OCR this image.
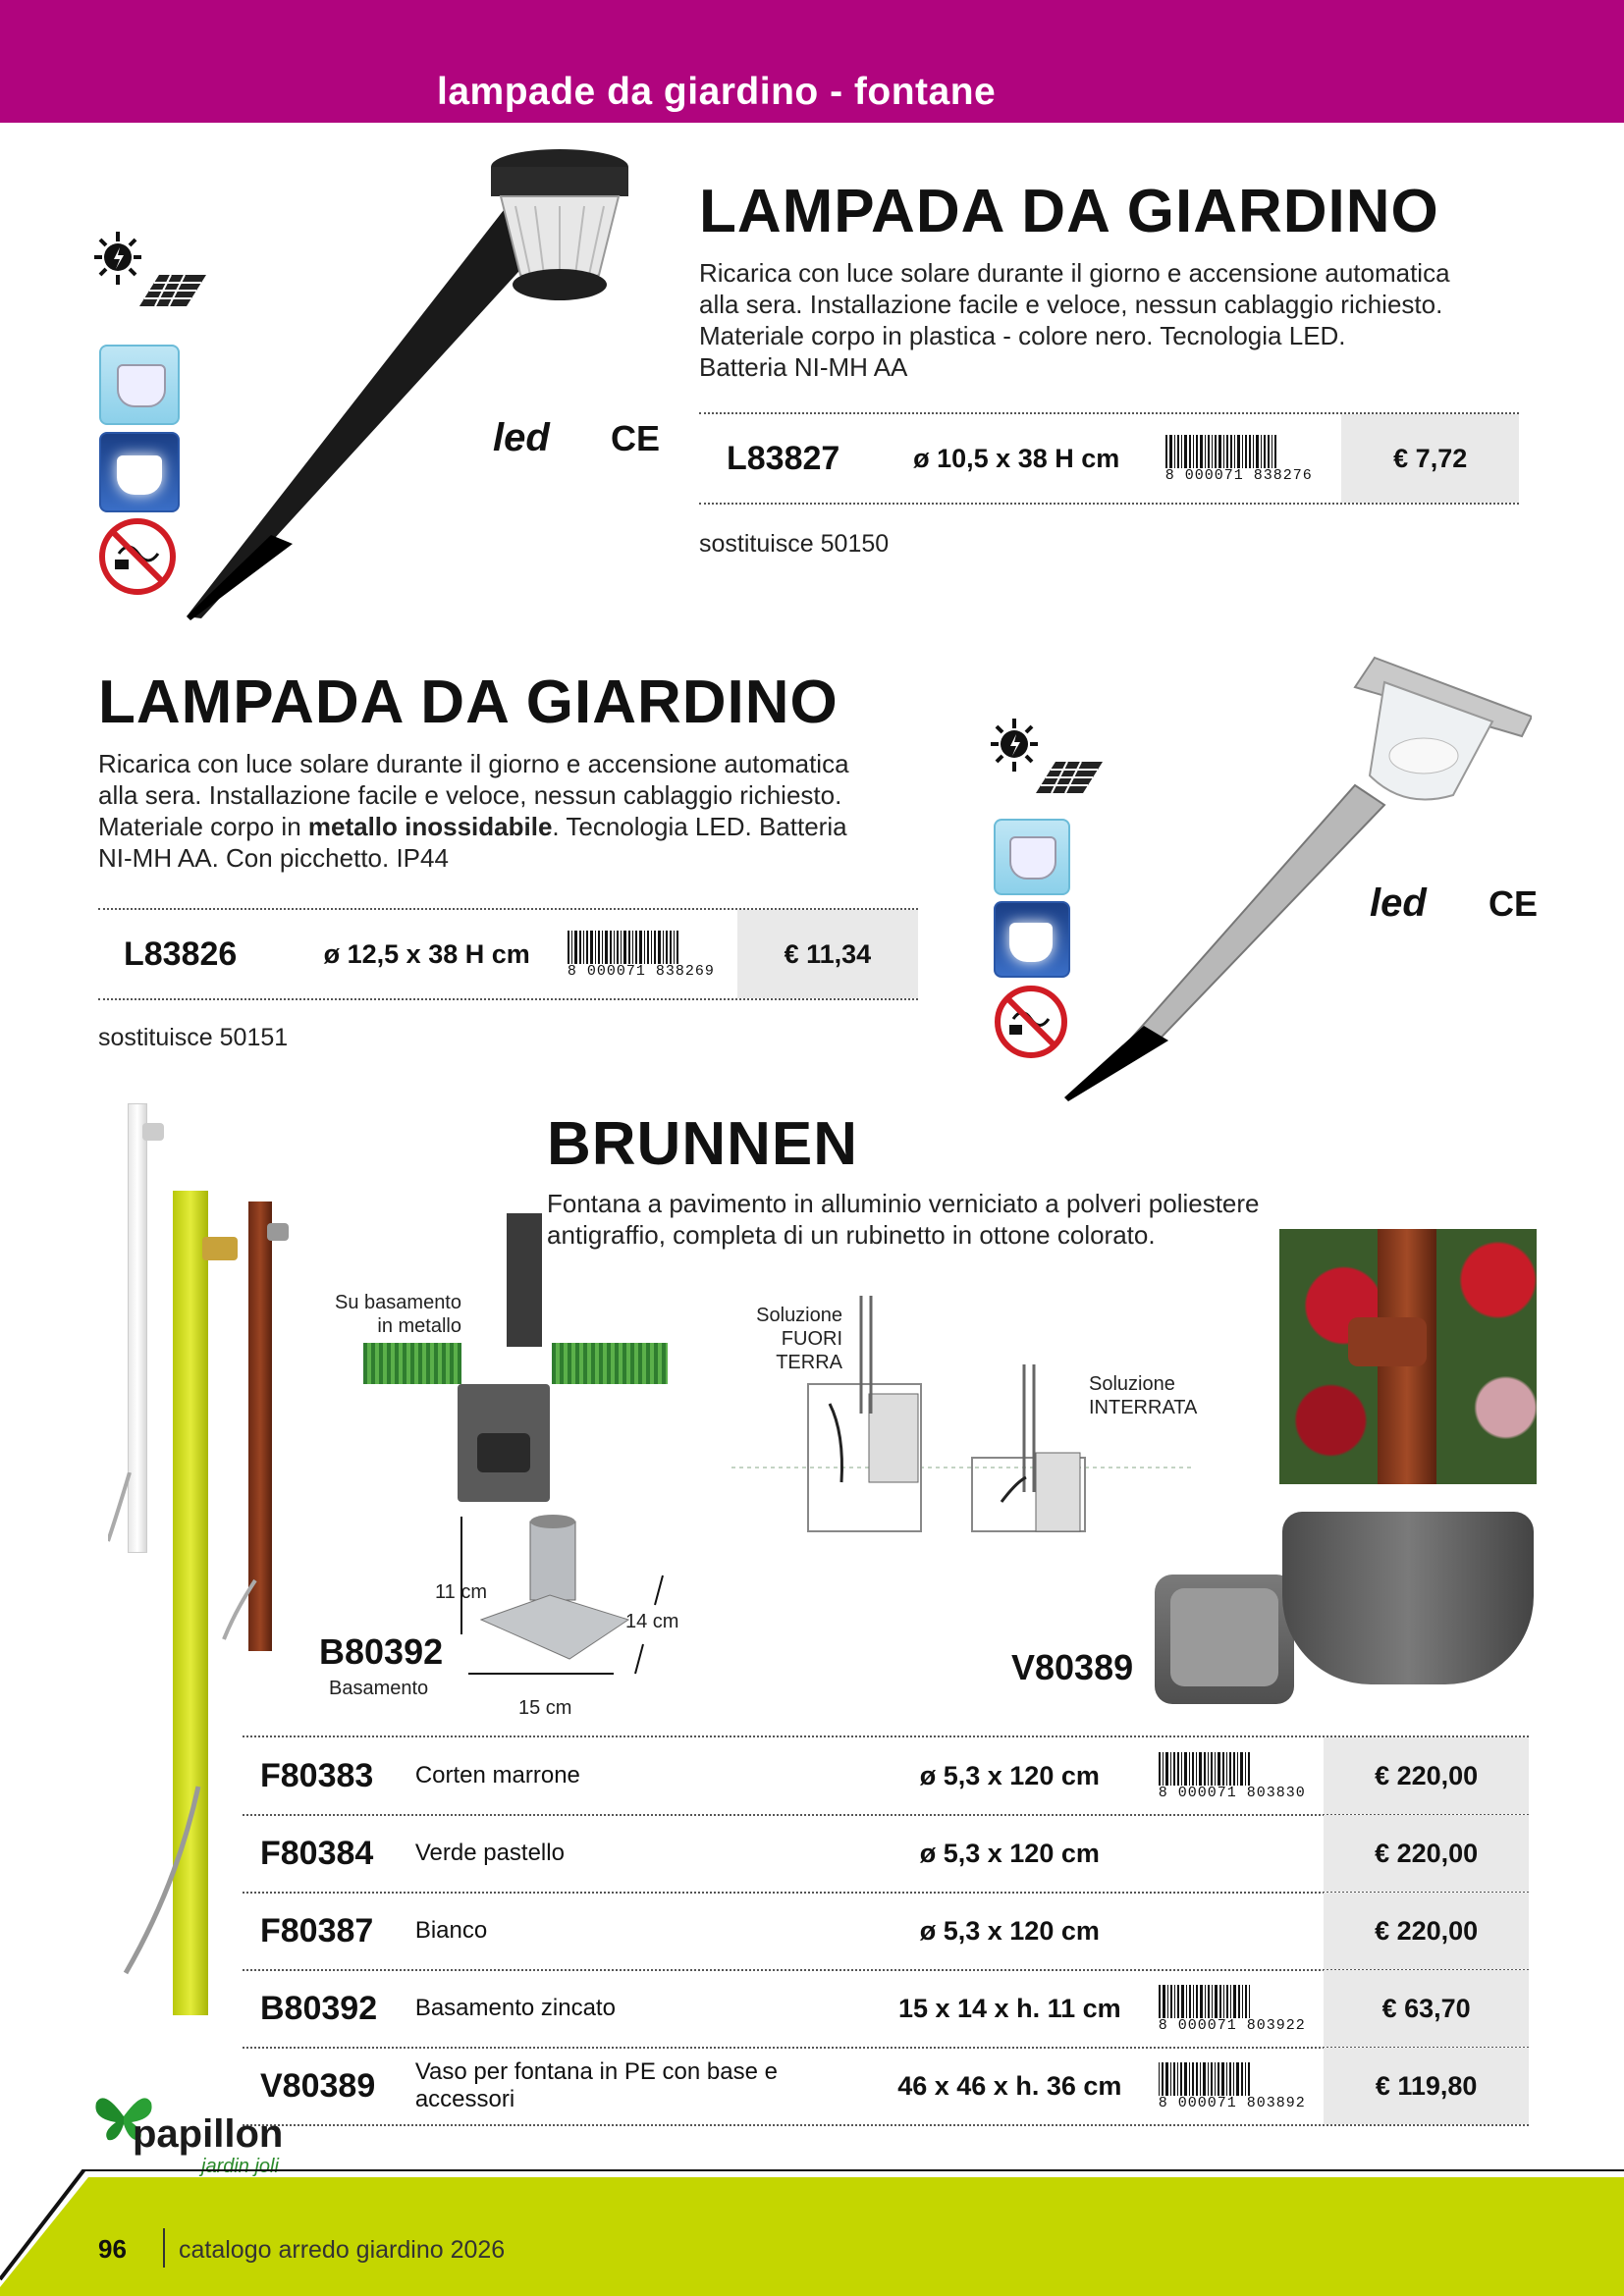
lampade da giardino - fontane
led CE
LAMPADA DA GIARDINO
Ricarica con luce solare durante il giorno e accensione automatica
alla sera. Installazione facile e veloce, nessun cablaggio richiesto.
Materiale corpo in plastica - colore nero. Tecnologia LED.
Batteria NI-MH AA
L83827	ø 10,5 x 38 H cm
8 000071 838276
€ 7,72
sostituisce 50150
LAMPADA DA GIARDINO
Ricarica con luce solare durante il giorno e accensione automatica
alla sera. Installazione facile e veloce, nessun cablaggio richiesto.
Materiale corpo in metallo inossidabile. Tecnologia LED. Batteria
NI-MH AA. Con picchetto. IP44
L83826	ø 12,5 x 38 H cm
8 000071 838269
€ 11,34
sostituisce 50151
led CE
BRUNNEN
Fontana a pavimento in alluminio verniciato a polveri poliestere
antigraffio, completa di un rubinetto in ottone colorato.
Su basamento
in metallo	Soluzione
FUORI TERRA
Soluzione
INTERRATA
11 cm
14 cm
15 cm
B80392
Basamento
V80389
F80383	Corten marrone	ø 5,3 x 120 cm
8 000071 803830
€ 220,00
F80384	Verde pastello	ø 5,3 x 120 cm	€ 220,00
F80387	Bianco	ø 5,3 x 120 cm	€ 220,00
B80392	Basamento zincato	15 x 14 x h. 11 cm
8 000071 803922
€ 63,70
V80389	Vaso per fontana in PE con base e accessori	46 x 46 x h. 36 cm
8 000071 803892
€ 119,80
papillon
jardin joli
96 catalogo arredo giardino 2026
